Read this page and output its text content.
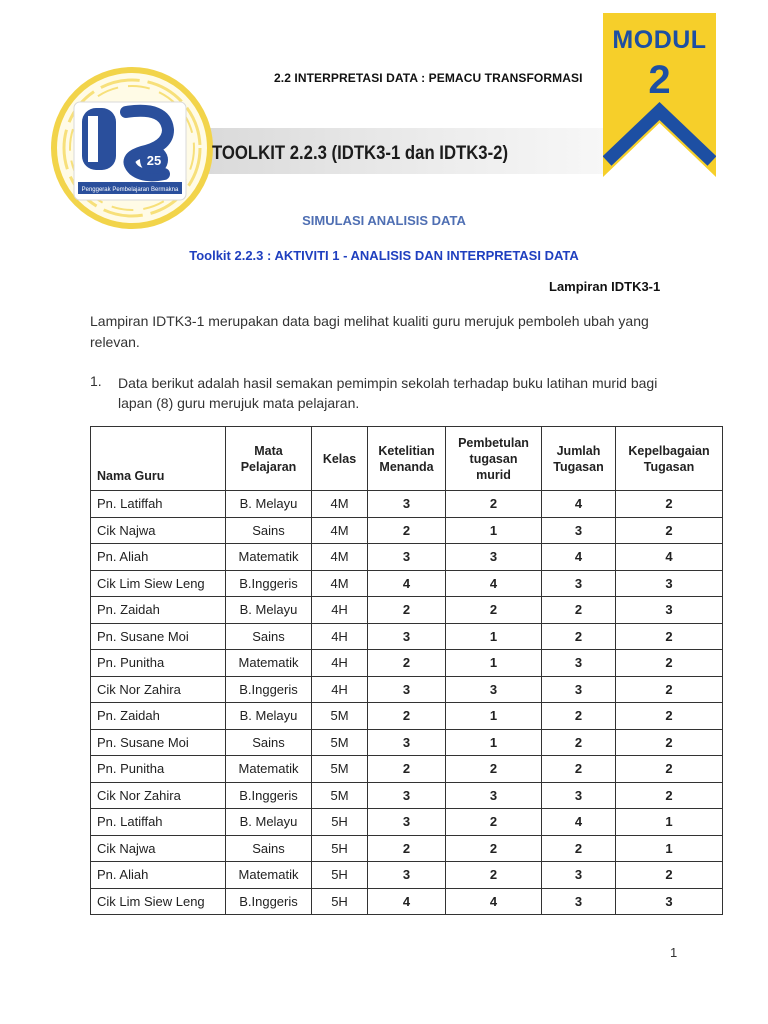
25
Penggerak Pembelajaran Bermakna
MODUL
2
2.2 INTERPRETASI DATA : PEMACU TRANSFORMASI
TOOLKIT 2.2.3 (IDTK3-1 dan IDTK3-2)
SIMULASI ANALISIS DATA
Toolkit 2.2.3 : AKTIVITI 1 - ANALISIS DAN INTERPRETASI DATA
Lampiran IDTK3-1
Lampiran IDTK3-1 merupakan data bagi melihat kualiti guru merujuk pemboleh ubah yang relevan.
1. Data berikut adalah hasil semakan pemimpin sekolah terhadap buku latihan murid bagi lapan (8) guru merujuk mata pelajaran.
Nama Guru	Mata Pelajaran	Kelas	Ketelitian Menanda	Pembetulan tugasan murid	Jumlah Tugasan	Kepelbagaian Tugasan
Pn. Latiffah	B. Melayu	4M	3	2	4	2
Cik Najwa	Sains	4M	2	1	3	2
Pn. Aliah	Matematik	4M	3	3	4	4
Cik Lim Siew Leng	B.Inggeris	4M	4	4	3	3
Pn. Zaidah	B. Melayu	4H	2	2	2	3
Pn. Susane Moi	Sains	4H	3	1	2	2
Pn. Punitha	Matematik	4H	2	1	3	2
Cik Nor Zahira	B.Inggeris	4H	3	3	3	2
Pn. Zaidah	B. Melayu	5M	2	1	2	2
Pn. Susane Moi	Sains	5M	3	1	2	2
Pn. Punitha	Matematik	5M	2	2	2	2
Cik Nor Zahira	B.Inggeris	5M	3	3	3	2
Pn. Latiffah	B. Melayu	5H	3	2	4	1
Cik Najwa	Sains	5H	2	2	2	1
Pn. Aliah	Matematik	5H	3	2	3	2
Cik Lim Siew Leng	B.Inggeris	5H	4	4	3	3
1
